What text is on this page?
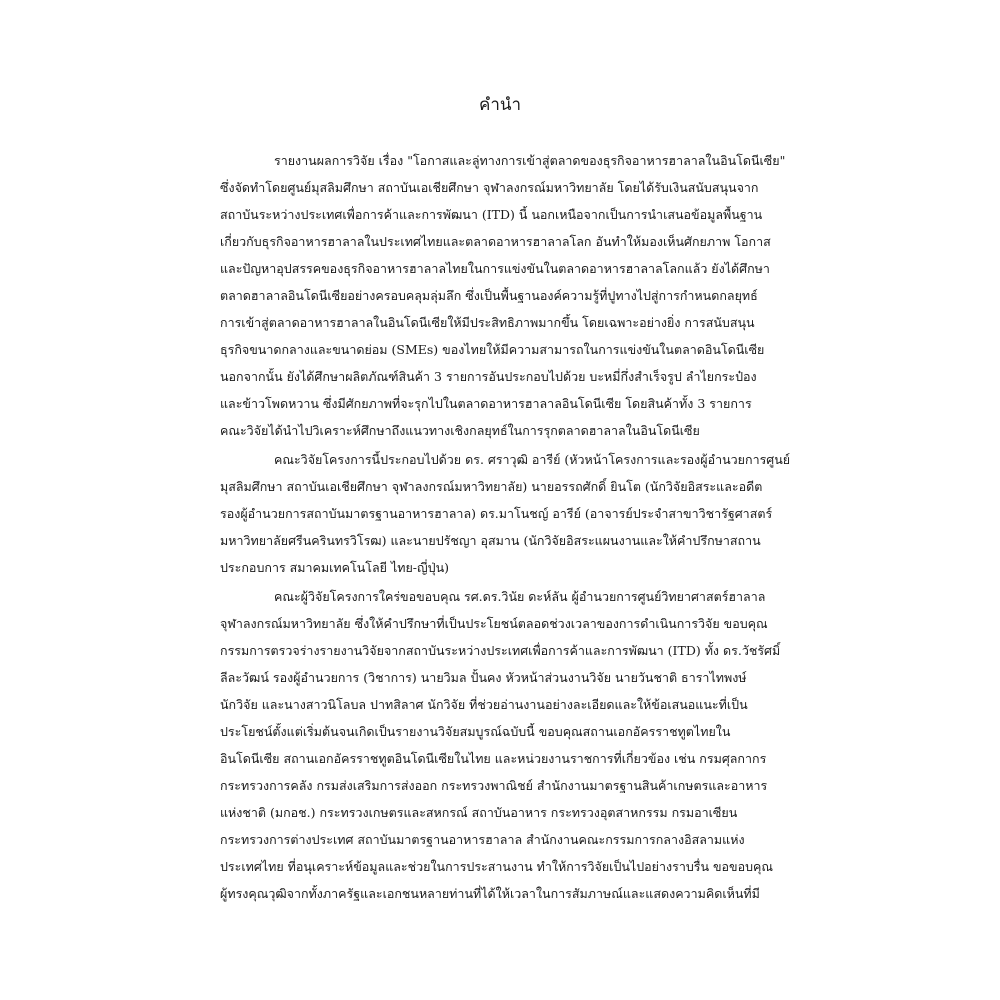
คำนำ
รายงานผลการวิจัย เรื่อง "โอกาสและลู่ทางการเข้าสู่ตลาดของธุรกิจอาหารฮาลาลในอินโดนีเซีย"
ซึ่งจัดทำโดยศูนย์มุสลิมศึกษา สถาบันเอเชียศึกษา จุฬาลงกรณ์มหาวิทยาลัย โดยได้รับเงินสนับสนุนจาก
สถาบันระหว่างประเทศเพื่อการค้าและการพัฒนา (ITD) นี้ นอกเหนือจากเป็นการนำเสนอข้อมูลพื้นฐาน
เกี่ยวกับธุรกิจอาหารฮาลาลในประเทศไทยและตลาดอาหารฮาลาลโลก อันทำให้มองเห็นศักยภาพ โอกาส
และปัญหาอุปสรรคของธุรกิจอาหารฮาลาลไทยในการแข่งขันในตลาดอาหารฮาลาลโลกแล้ว ยังได้ศึกษา
ตลาดฮาลาลอินโดนีเซียอย่างครอบคลุมลุ่มลึก ซึ่งเป็นพื้นฐานองค์ความรู้ที่ปูทางไปสู่การกำหนดกลยุทธ์
การเข้าสู่ตลาดอาหารฮาลาลในอินโดนีเซียให้มีประสิทธิภาพมากขึ้น โดยเฉพาะอย่างยิ่ง การสนับสนุน
ธุรกิจขนาดกลางและขนาดย่อม (SMEs) ของไทยให้มีความสามารถในการแข่งขันในตลาดอินโดนีเซีย
นอกจากนั้น ยังได้ศึกษาผลิตภัณฑ์สินค้า 3 รายการอันประกอบไปด้วย บะหมี่กึ่งสำเร็จรูป ลำไยกระป๋อง
และข้าวโพดหวาน ซึ่งมีศักยภาพที่จะรุกไปในตลาดอาหารฮาลาลอินโดนีเซีย โดยสินค้าทั้ง 3 รายการ
คณะวิจัยได้นำไปวิเคราะห์ศึกษาถึงแนวทางเชิงกลยุทธ์ในการรุกตลาดฮาลาลในอินโดนีเซีย
คณะวิจัยโครงการนี้ประกอบไปด้วย ดร. ศราวุฒิ อารีย์ (หัวหน้าโครงการและรองผู้อำนวยการศูนย์
มุสลิมศึกษา สถาบันเอเชียศึกษา จุฬาลงกรณ์มหาวิทยาลัย) นายอรรถศักดิ์ ยินโต (นักวิจัยอิสระและอดีต
รองผู้อำนวยการสถาบันมาตรฐานอาหารฮาลาล) ดร.มาโนชญ์ อารีย์ (อาจารย์ประจำสาขาวิชารัฐศาสตร์
มหาวิทยาลัยศรีนครินทรวิโรฒ) และนายปรัชญา อุสมาน (นักวิจัยอิสระแผนงานและให้คำปรึกษาสถาน
ประกอบการ สมาคมเทคโนโลยี ไทย-ญี่ปุ่น)
คณะผู้วิจัยโครงการใคร่ขอขอบคุณ รศ.ดร.วินัย ดะห์ลัน ผู้อำนวยการศูนย์วิทยาศาสตร์ฮาลาล
จุฬาลงกรณ์มหาวิทยาลัย ซึ่งให้คำปรึกษาที่เป็นประโยชน์ตลอดช่วงเวลาของการดำเนินการวิจัย ขอบคุณ
กรรมการตรวจร่างรายงานวิจัยจากสถาบันระหว่างประเทศเพื่อการค้าและการพัฒนา (ITD) ทั้ง ดร.วัชรัศมิ์
ลีละวัฒน์ รองผู้อำนวยการ (วิชาการ) นายวิมล ปั้นคง หัวหน้าส่วนงานวิจัย นายวันชาติ ธาราไทพงษ์
นักวิจัย และนางสาวนิโลบล ปาทสิลาศ นักวิจัย ที่ช่วยอ่านงานอย่างละเอียดและให้ข้อเสนอแนะที่เป็น
ประโยชน์ตั้งแต่เริ่มต้นจนเกิดเป็นรายงานวิจัยสมบูรณ์ฉบับนี้ ขอบคุณสถานเอกอัครราชทูตไทยใน
อินโดนีเซีย สถานเอกอัครราชทูตอินโดนีเซียในไทย และหน่วยงานราชการที่เกี่ยวข้อง เช่น กรมศุลกากร
กระทรวงการคลัง กรมส่งเสริมการส่งออก กระทรวงพาณิชย์ สำนักงานมาตรฐานสินค้าเกษตรและอาหาร
แห่งชาติ (มกอช.) กระทรวงเกษตรและสหกรณ์ สถาบันอาหาร กระทรวงอุตสาหกรรม กรมอาเซียน
กระทรวงการต่างประเทศ สถาบันมาตรฐานอาหารฮาลาล สำนักงานคณะกรรมการกลางอิสลามแห่ง
ประเทศไทย ที่อนุเคราะห์ข้อมูลและช่วยในการประสานงาน ทำให้การวิจัยเป็นไปอย่างราบรื่น ขอขอบคุณ
ผู้ทรงคุณวุฒิจากทั้งภาครัฐและเอกชนหลายท่านที่ได้ให้เวลาในการสัมภาษณ์และแสดงความคิดเห็นที่มี
